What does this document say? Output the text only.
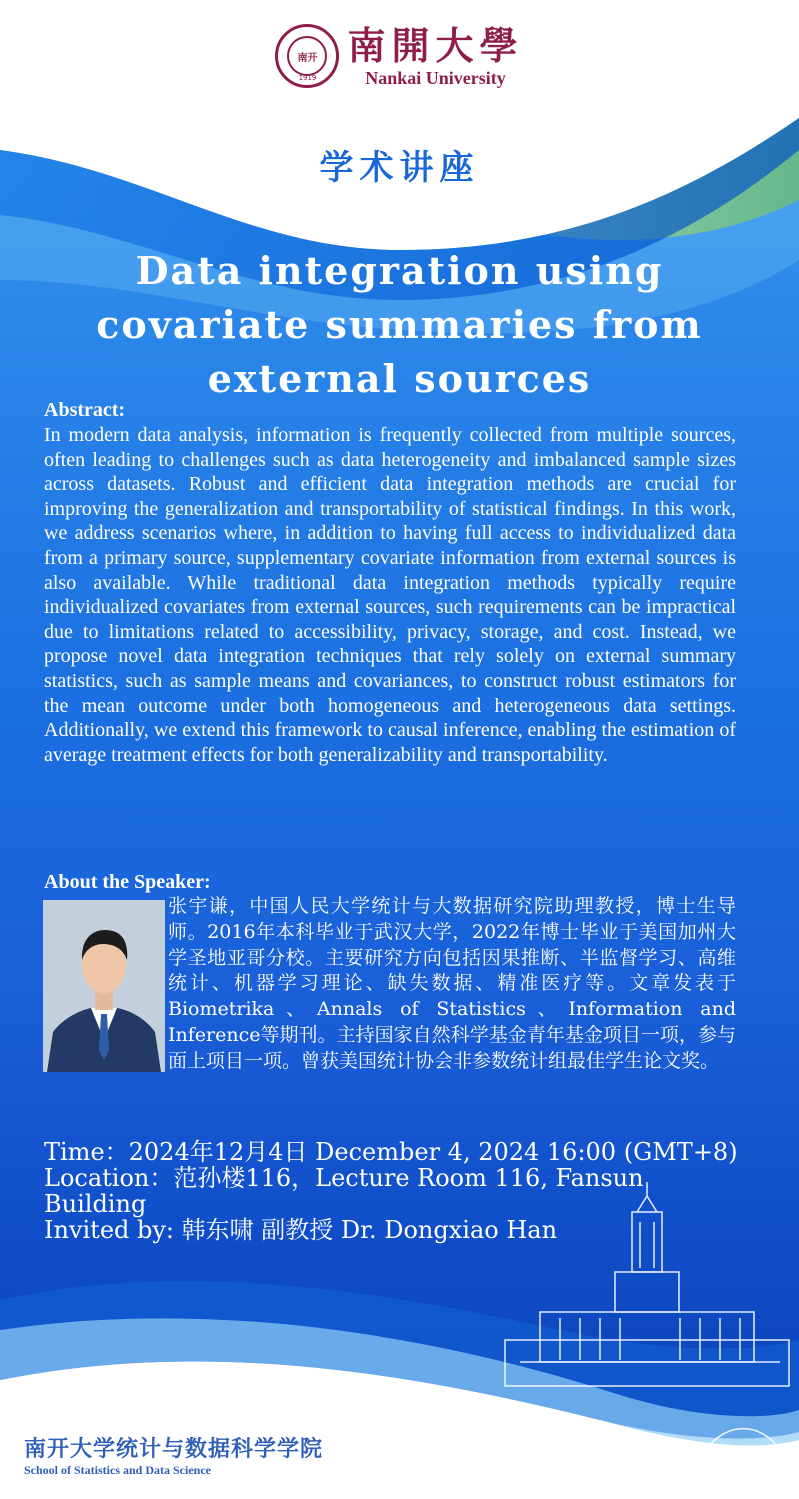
南开
1919
南開大學
Nankai University
学术讲座
Data integration using covariate summaries from external sources
Abstract:

In modern data analysis, information is frequently collected from multiple sources, often leading to challenges such as data heterogeneity and imbalanced sample sizes across datasets. Robust and efficient data integration methods are crucial for improving the generalization and transportability of statistical findings. In this work, we address scenarios where, in addition to having full access to individualized data from a primary source, supplementary covariate information from external sources is also available. While traditional data integration methods typically require individualized covariates from external sources, such requirements can be impractical due to limitations related to accessibility, privacy, storage, and cost. Instead, we propose novel data integration techniques that rely solely on external summary statistics, such as sample means and covariances, to construct robust estimators for the mean outcome under both homogeneous and heterogeneous data settings. Additionally, we extend this framework to causal inference, enabling the estimation of average treatment effects for both generalizability and transportability.

About the Speaker:

张宇谦，中国人民大学统计与大数据研究院助理教授，博士生导师。2016年本科毕业于武汉大学，2022年博士毕业于美国加州大学圣地亚哥分校。主要研究方向包括因果推断、半监督学习、高维统计、机器学习理论、缺失数据、精准医疗等。文章发表于Biometrika、Annals of Statistics、Information and Inference等期刊。主持国家自然科学基金青年基金项目一项，参与面上项目一项。曾获美国统计协会非参数统计组最佳学生论文奖。

Time：2024年12月4日 December 4, 2024 16:00 (GMT+8)
Location：范孙楼116，Lecture Room 116, Fansun Building
Invited by: 韩东啸 副教授 Dr. Dongxiao Han
南开大学统计与数据科学学院
School of Statistics and Data Science
